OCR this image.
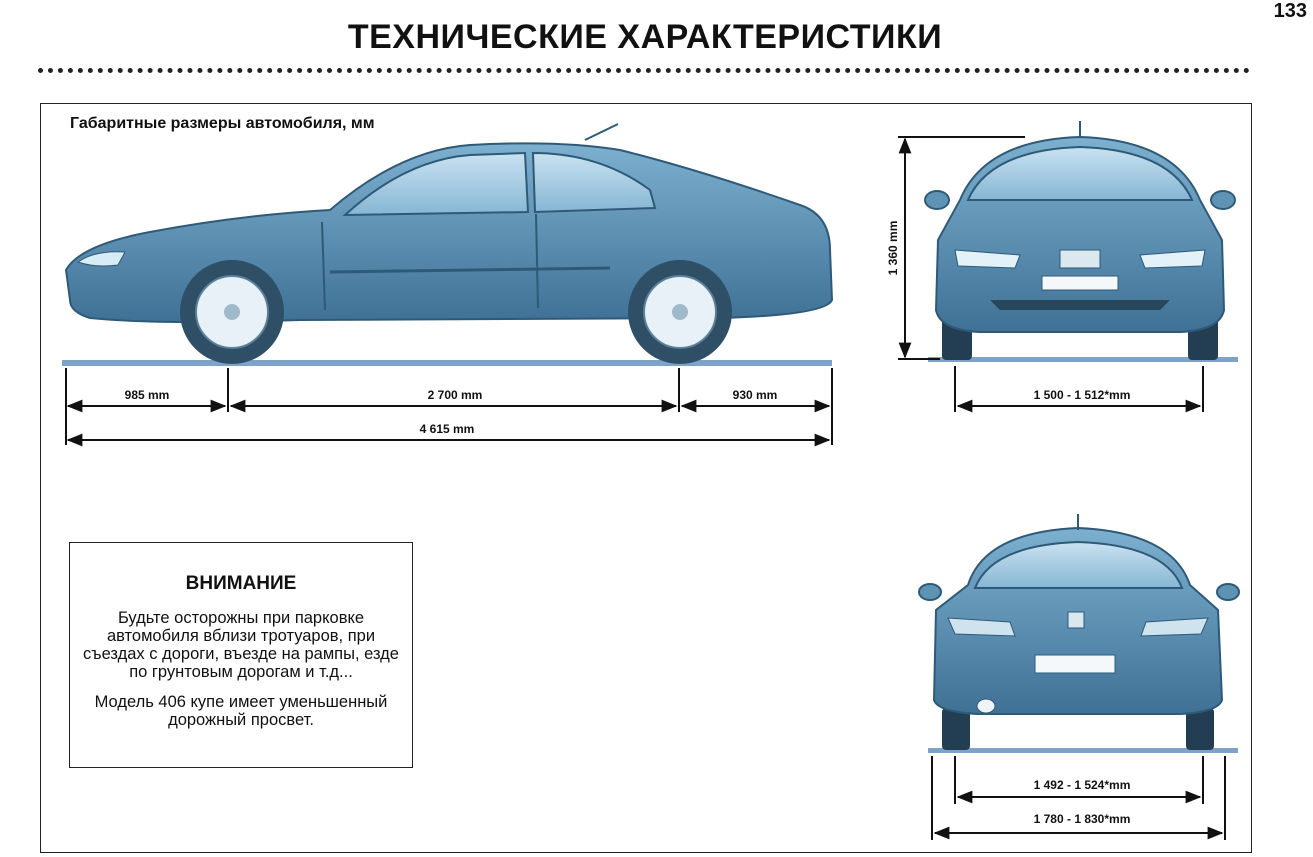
133
ТЕХНИЧЕСКИЕ ХАРАКТЕРИСТИКИ
Габаритные размеры автомобиля, мм
985 mm	2 700 mm	930 mm
4 615 mm
1 360 mm
1 500 - 1 512*mm
1 492 - 1 524*mm
1 780 - 1 830*mm
ВНИМАНИЕ
Будьте осторожны при парковке автомобиля вблизи тротуаров, при съездах с дороги, въезде на рампы, езде по грунтовым дорогам и т.д...
Модель 406 купе имеет уменьшенный дорожный просвет.
